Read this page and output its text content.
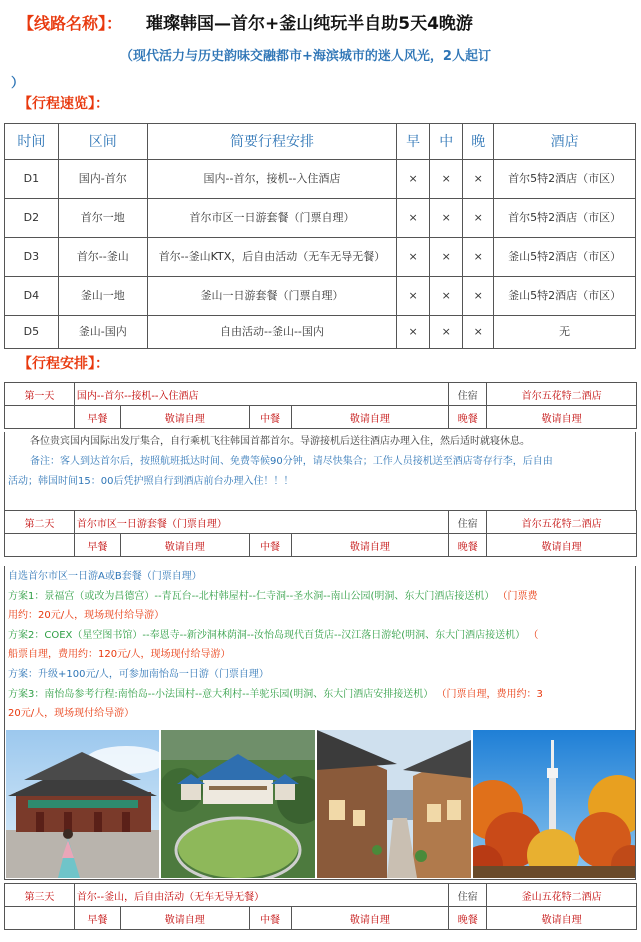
【线路名称】： 璀璨韩国—首尔+釜山纯玩半自助5天4晚游
（现代活力与历史韵味交融都市+海滨城市的迷人风光，2人起订
）
【行程速览】：
时间	区间	简要行程安排	早	中	晚	酒店
D1	国内-首尔	国内--首尔，接机--入住酒店	×	×	×	首尔5特2酒店（市区）
D2	首尔一地	首尔市区一日游套餐（门票自理）	×	×	×	首尔5特2酒店（市区）
D3	首尔--釜山	首尔--釜山KTX，后自由活动（无车无导无餐）	×	×	×	釜山5特2酒店（市区）
D4	釜山一地	釜山一日游套餐（门票自理）	×	×	×	釜山5特2酒店（市区）
D5	釜山-国内	自由活动--釜山--国内	×	×	×	无
【行程安排】：
第一天	国内--首尔--接机--入住酒店				住宿	首尔五花特二酒店
	早餐	敬请自理	中餐	敬请自理	晚餐	敬请自理

各位贵宾国内国际出发厅集合，自行乘机飞往韩国首都首尔。导游接机后送往酒店办理入住，然后适时就寝休息。

备注：客人到达首尔后，按照航班抵达时间、免费等候90分钟，请尽快集合；工作人员接机送至酒店寄存行李，后自由

活动；韩国时间15：00后凭护照自行到酒店前台办理入住！！！

第二天	首尔市区一日游套餐（门票自理）				住宿	首尔五花特二酒店
	早餐	敬请自理	中餐	敬请自理	晚餐	敬请自理
自选首尔市区一日游A或B套餐（门票自理）
方案1：景福宫（或改为昌德宫）--青瓦台--北村韩屋村--仁寺洞--圣水洞--南山公园(明洞、东大门酒店接送机） （门票费
用约：20元/人，现场现付给导游）
方案2：COEX（星空图书馆）--奉恩寺--新沙洞林荫洞--汝怡岛现代百货店--汉江落日游轮(明洞、东大门酒店接送机） （
船票自理，费用约：120元/人，现场现付给导游）
方案：升级+100元/人，可参加南怡岛一日游（门票自理）
方案3：南怡岛参考行程:南怡岛--小法国村--意大利村--羊驼乐园(明洞、东大门酒店安排接送机） （门票自理，费用约：3
20元/人，现场现付给导游）
第三天	首尔--釜山，后自由活动（无车无导无餐）				住宿	釜山五花特二酒店
	早餐	敬请自理	中餐	敬请自理	晚餐	敬请自理
